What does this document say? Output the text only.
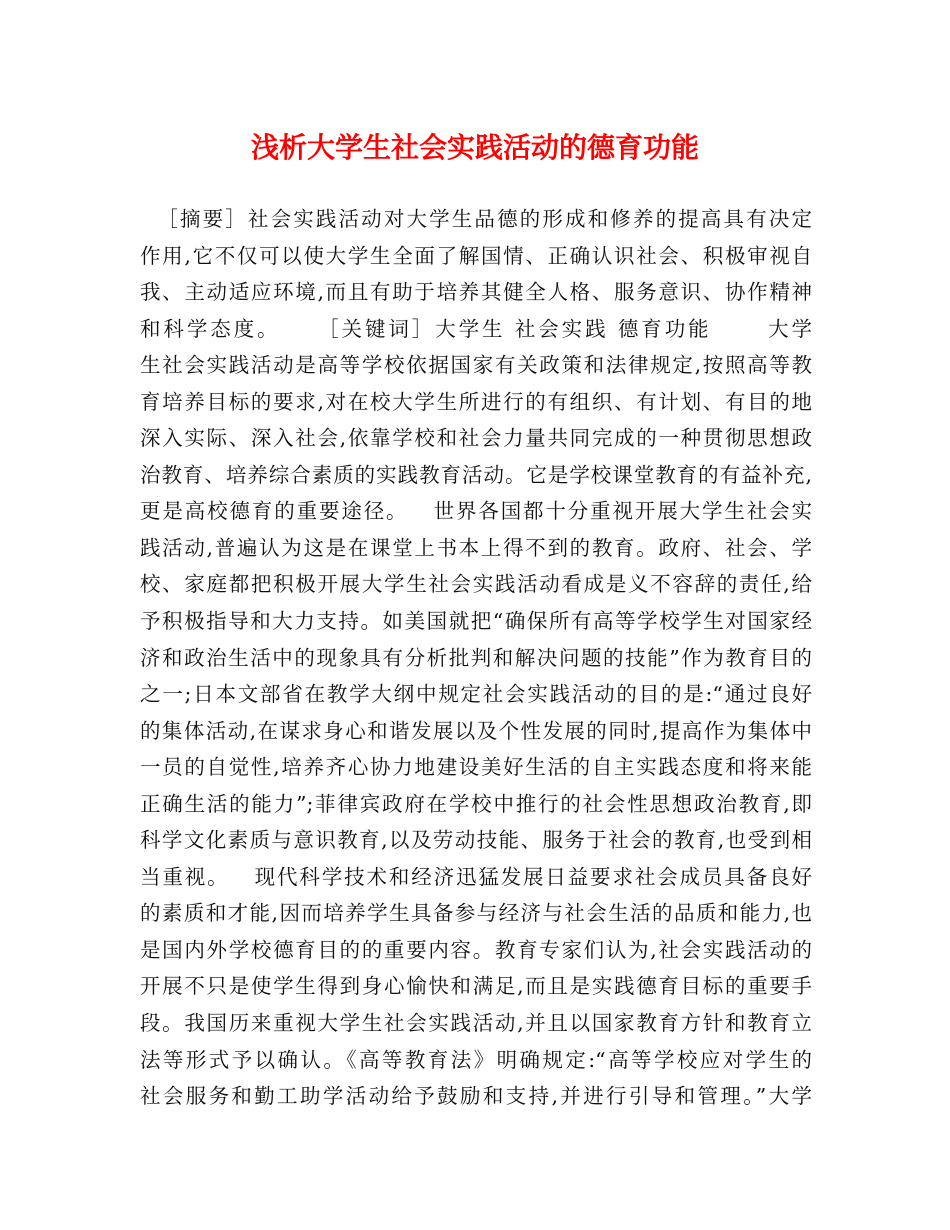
浅析大学生社会实践活动的德育功能
［摘要］社会实践活动对大学生品德的形成和修养的提高具有决定
作用,它不仅可以使大学生全面了解国情、正确认识社会、积极审视自
我、主动适应环境,而且有助于培养其健全人格、服务意识、协作精神
和科学态度。    ［关键词］大学生 社会实践 德育功能      大学
生社会实践活动是高等学校依据国家有关政策和法律规定,按照高等教
育培养目标的要求,对在校大学生所进行的有组织、有计划、有目的地
深入实际、深入社会,依靠学校和社会力量共同完成的一种贯彻思想政
治教育、培养综合素质的实践教育活动。它是学校课堂教育的有益补充,
更是高校德育的重要途径。   世界各国都十分重视开展大学生社会实
践活动,普遍认为这是在课堂上书本上得不到的教育。政府、社会、学
校、家庭都把积极开展大学生社会实践活动看成是义不容辞的责任,给
予积极指导和大力支持。如美国就把“确保所有高等学校学生对国家经
济和政治生活中的现象具有分析批判和解决问题的技能”作为教育目的
之一;日本文部省在教学大纲中规定社会实践活动的目的是:“通过良好
的集体活动,在谋求身心和谐发展以及个性发展的同时,提高作为集体中
一员的自觉性,培养齐心协力地建设美好生活的自主实践态度和将来能
正确生活的能力”;菲律宾政府在学校中推行的社会性思想政治教育,即
科学文化素质与意识教育,以及劳动技能、服务于社会的教育,也受到相
当重视。   现代科学技术和经济迅猛发展日益要求社会成员具备良好
的素质和才能,因而培养学生具备参与经济与社会生活的品质和能力,也
是国内外学校德育目的的重要内容。教育专家们认为,社会实践活动的
开展不只是使学生得到身心愉快和满足,而且是实践德育目标的重要手
段。我国历来重视大学生社会实践活动,并且以国家教育方针和教育立
法等形式予以确认。《高等教育法》明确规定:“高等学校应对学生的
社会服务和勤工助学活动给予鼓励和支持,并进行引导和管理。”大学
